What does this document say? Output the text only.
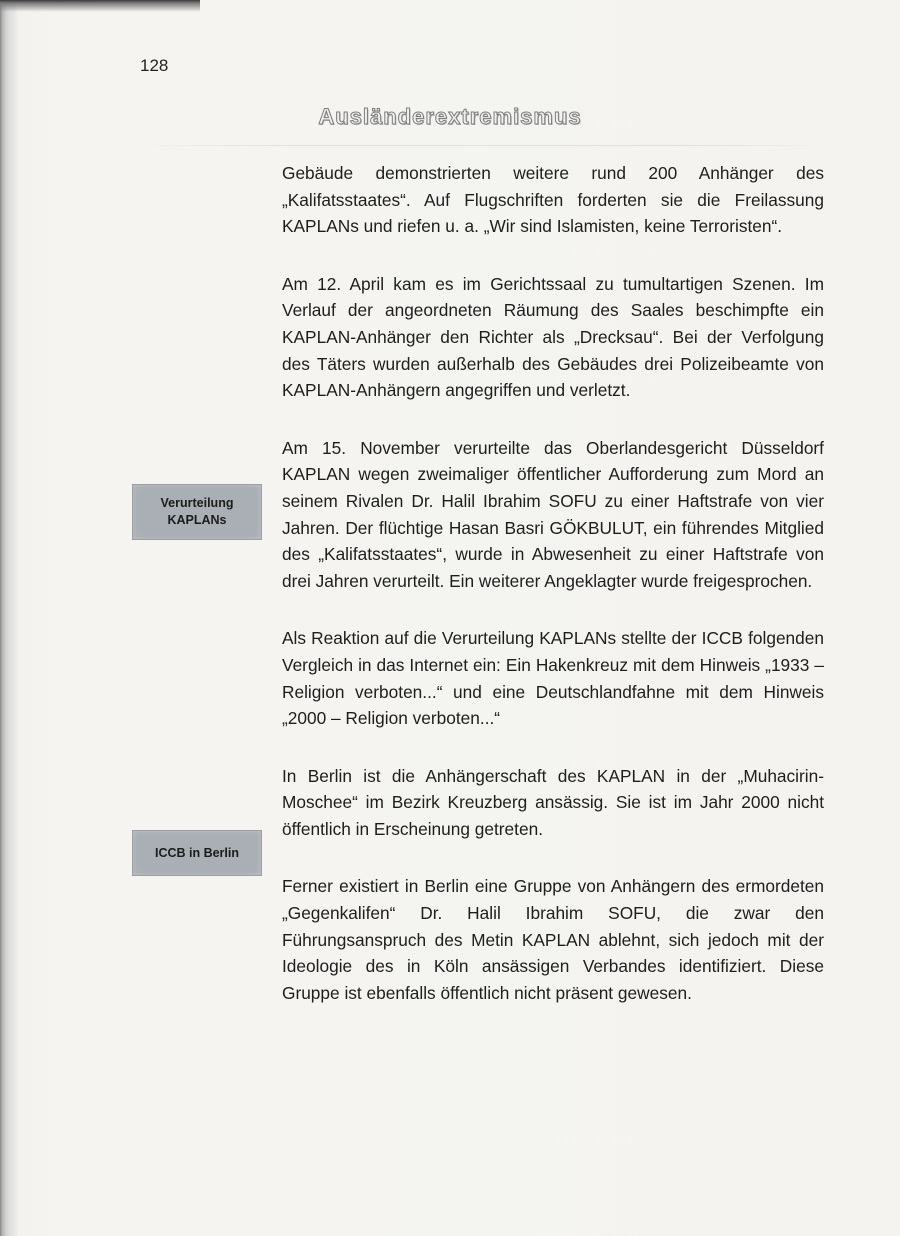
128
Ausländerextremismus
Verurteilung
KAPLANs
ICCB in Berlin

Gebäude demonstrierten weitere rund 200 Anhänger des „Kalifatsstaates“. Auf Flugschriften forderten sie die Freilassung KAPLANs und riefen u. a. „Wir sind Islamisten, keine Terroristen“.

Am 12. April kam es im Gerichtssaal zu tumultartigen Szenen. Im Verlauf der angeordneten Räumung des Saales beschimpfte ein KAPLAN-Anhänger den Richter als „Drecksau“. Bei der Verfolgung des Täters wurden außerhalb des Gebäudes drei Polizeibeamte von KAPLAN-Anhängern angegriffen und verletzt.

Am 15. November verurteilte das Oberlandesgericht Düsseldorf KAPLAN wegen zweimaliger öffentlicher Aufforderung zum Mord an seinem Rivalen Dr. Halil Ibrahim SOFU zu einer Haftstrafe von vier Jahren. Der flüchtige Hasan Basri GÖKBULUT, ein führendes Mitglied des „Kalifatsstaates“, wurde in Abwesenheit zu einer Haftstrafe von drei Jahren verurteilt. Ein weiterer Angeklagter wurde freigesprochen.

Als Reaktion auf die Verurteilung KAPLANs stellte der ICCB folgenden Vergleich in das Internet ein: Ein Hakenkreuz mit dem Hinweis „1933 – Religion verboten...“ und eine Deutschlandfahne mit dem Hinweis „2000 – Religion verboten...“

In Berlin ist die Anhängerschaft des KAPLAN in der „Muhacirin-Moschee“ im Bezirk Kreuzberg ansässig. Sie ist im Jahr 2000 nicht öffentlich in Erscheinung getreten.

Ferner existiert in Berlin eine Gruppe von Anhängern des ermordeten „Gegenkalifen“ Dr. Halil Ibrahim SOFU, die zwar den Führungsanspruch des Metin KAPLAN ablehnt, sich jedoch mit der Ideologie des in Köln ansässigen Verbandes identifiziert. Diese Gruppe ist ebenfalls öffentlich nicht präsent gewesen.
